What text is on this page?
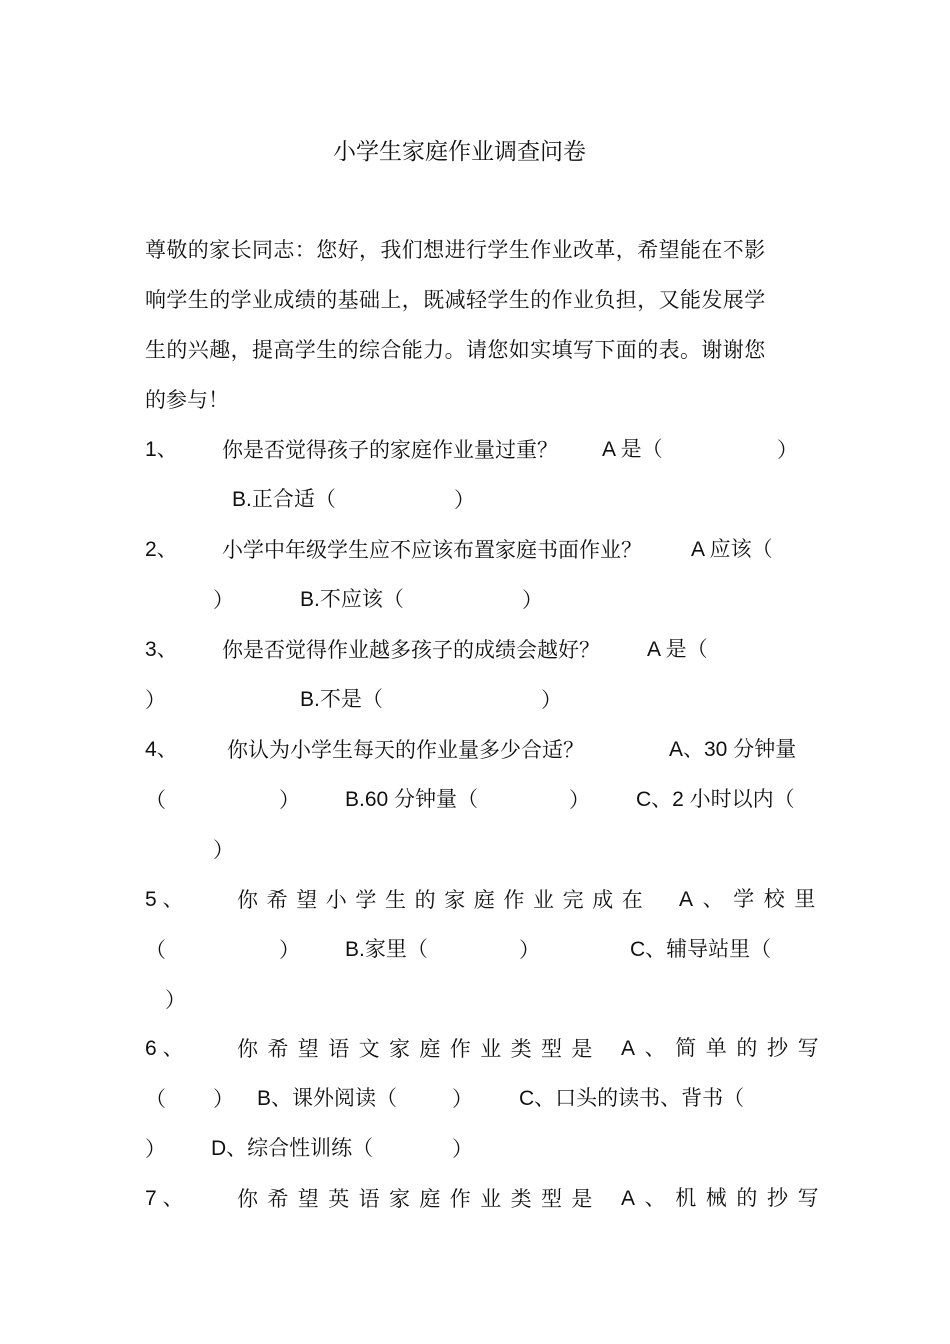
小学生家庭作业调查问卷
尊敬的家长同志：您好，我们想进行学生作业改革，希望能在不影
响学生的学业成绩的基础上，既减轻学生的作业负担，又能发展学
生的兴趣，提高学生的综合能力。请您如实填写下面的表。谢谢您
的参与！
1、 你是否觉得孩子的家庭作业量过重？ A 是（	）
B.正合适（	）
2、 小学中年级学生应不应该布置家庭书面作业？ A 应该（
）	B.不应该（	）
3、 你是否觉得作业越多孩子的成绩会越好？ A 是（
）	B.不是（	）
4、 你认为小学生每天的作业量多少合适？	A、30 分钟量
（	） B.60 分钟量（	） C、2 小时以内（
）
5、 你希望小学生的家庭作业完成在 A、学校里
（	） B.家里（	）	C、辅导站里（
）
6、 你希望语文家庭作业类型是 A、简单的抄写
（ ） B、课外阅读（	） C、口头的读书、背书（
） D、综合性训练（	）
7、 你希望英语家庭作业类型是 A、机械的抄写
